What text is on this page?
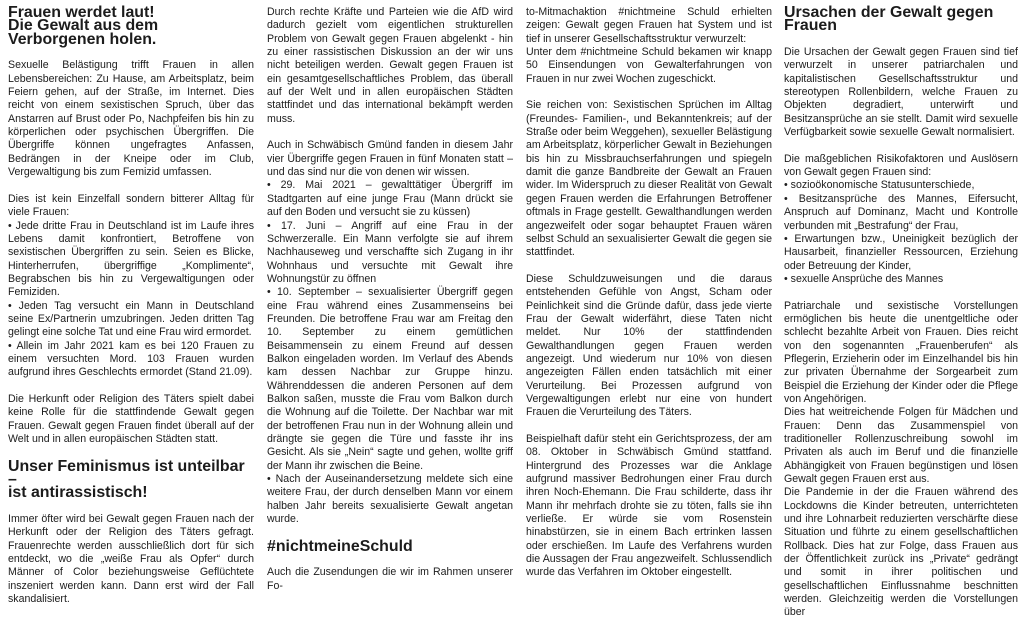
Frauen werdet laut!
Die Gewalt aus dem Verborgenen holen.

Sexuelle Belästigung trifft Frauen in allen Lebensbereichen: Zu Hause, am Arbeitsplatz, beim Feiern gehen, auf der Straße, im Internet. Dies reicht von einem sexistischen Spruch, über das Anstarren auf Brust oder Po, Nachpfeifen bis hin zu körperlichen oder psychischen Übergriffen. Die Übergriffe können ungefragtes Anfassen, Bedrängen in der Kneipe oder im Club, Vergewaltigung bis zum Femizid umfassen.

Dies ist kein Einzelfall sondern bitterer Alltag für viele Frauen:
• Jede dritte Frau in Deutschland ist im Laufe ihres Lebens damit konfrontiert, Betroffene von sexistischen Übergriffen zu sein. Seien es Blicke, Hinterherrufen, übergriffige „Komplimente“, Begrabschen bis hin zu Vergewaltigungen oder Femiziden.
• Jeden Tag versucht ein Mann in Deutschland seine Ex/Partnerin umzubringen. Jeden dritten Tag gelingt eine solche Tat und eine Frau wird ermordet.
• Allein im Jahr 2021 kam es bei 120 Frauen zu einem versuchten Mord. 103 Frauen wurden aufgrund ihres Geschlechts ermordet (Stand 21.09).

Die Herkunft oder Religion des Täters spielt dabei keine Rolle für die stattfindende Gewalt gegen Frauen. Gewalt gegen Frauen findet überall auf der Welt und in allen europäischen Städten statt.

Unser Feminismus ist unteilbar –
ist antirassistisch!

Immer öfter wird bei Gewalt gegen Frauen nach der Herkunft oder der Religion des Täters gefragt. Frauenrechte werden ausschließlich dort für sich entdeckt, wo die „weiße Frau als Opfer“ durch Männer of Color beziehungsweise Geflüchtete inszeniert werden kann. Dann erst wird der Fall skandalisiert.

Durch rechte Kräfte und Parteien wie die AfD wird dadurch gezielt vom eigentlichen strukturellen Problem von Gewalt gegen Frauen abgelenkt - hin zu einer rassistischen Diskussion an der wir uns nicht beteiligen werden. Gewalt gegen Frauen ist ein gesamtgesellschaftliches Problem, das überall auf der Welt und in allen europäischen Städten stattfindet und das international bekämpft werden muss.

Auch in Schwäbisch Gmünd fanden in diesem Jahr vier Übergriffe gegen Frauen in fünf Monaten statt – und das sind nur die von denen wir wissen.
• 29. Mai 2021 – gewalttätiger Übergriff im Stadtgarten auf eine junge Frau (Mann drückt sie auf den Boden und versucht sie zu küssen)
• 17. Juni – Angriff auf eine Frau in der Schwerzeralle. Ein Mann verfolgte sie auf ihrem Nachhauseweg und verschaffte sich Zugang in ihr Wohnhaus und versuchte mit Gewalt ihre Wohnungstür zu öffnen
• 10. September – sexualisierter Übergriff gegen eine Frau während eines Zusammenseins bei Freunden. Die betroffene Frau war am Freitag den 10. September zu einem gemütlichen Beisammensein zu einem Freund auf dessen Balkon eingeladen worden. Im Verlauf des Abends kam dessen Nachbar zur Gruppe hinzu. Währenddessen die anderen Personen auf dem Balkon saßen, musste die Frau vom Balkon durch die Wohnung auf die Toilette. Der Nachbar war mit der betroffenen Frau nun in der Wohnung allein und drängte sie gegen die Türe und fasste ihr ins Gesicht. Als sie „Nein“ sagte und gehen, wollte griff der Mann ihr zwischen die Beine.
• Nach der Auseinandersetzung meldete sich eine weitere Frau, der durch denselben Mann vor einem halben Jahr bereits sexualisierte Gewalt angetan wurde.

#nichtmeineSchuld

Auch die Zusendungen die wir im Rahmen unserer Fo-

to-Mitmachaktion #nichtmeine Schuld erhielten zeigen: Gewalt gegen Frauen hat System und ist tief in unserer Gesellschaftsstruktur verwurzelt:
Unter dem #nichtmeine Schuld bekamen wir knapp 50 Einsendungen von Gewalterfahrungen von Frauen in nur zwei Wochen zugeschickt.

Sie reichen von: Sexistischen Sprüchen im Alltag (Freundes- Familien-, und Bekanntenkreis; auf der Straße oder beim Weggehen), sexueller Belästigung am Arbeitsplatz, körperlicher Gewalt in Beziehungen bis hin zu Missbrauchserfahrungen und spiegeln damit die ganze Bandbreite der Gewalt an Frauen wider. Im Widerspruch zu dieser Realität von Gewalt gegen Frauen werden die Erfahrungen Betroffener oftmals in Frage gestellt. Gewalthandlungen werden angezweifelt oder sogar behauptet Frauen wären selbst Schuld an sexualisierter Gewalt die gegen sie stattfindet.

Diese Schuldzuweisungen und die daraus entstehenden Gefühle von Angst, Scham oder Peinlichkeit sind die Gründe dafür, dass jede vierte Frau der Gewalt widerfährt, diese Taten nicht meldet. Nur 10% der stattfindenden Gewalthandlungen gegen Frauen werden angezeigt. Und wiederum nur 10% von diesen angezeigten Fällen enden tatsächlich mit einer Verurteilung. Bei Prozessen aufgrund von Vergewaltigungen erlebt nur eine von hundert Frauen die Verurteilung des Täters.

Beispielhaft dafür steht ein Gerichtsprozess, der am 08. Oktober in Schwäbisch Gmünd stattfand. Hintergrund des Prozesses war die Anklage aufgrund massiver Bedrohungen einer Frau durch ihren Noch-Ehemann. Die Frau schilderte, dass ihr Mann ihr mehrfach drohte sie zu töten, falls sie ihn verließe. Er würde sie vom Rosenstein hinabstürzen, sie in einem Bach ertrinken lassen oder erschießen. Im Laufe des Verfahrens wurden die Aussagen der Frau angezweifelt. Schlussendlich wurde das Verfahren im Oktober eingestellt.

Ursachen der Gewalt gegen Frauen

Die Ursachen der Gewalt gegen Frauen sind tief verwurzelt in unserer patriarchalen und kapitalistischen Gesellschaftsstruktur und stereotypen Rollenbildern, welche Frauen zu Objekten degradiert, unterwirft und Besitzansprüche an sie stellt. Damit wird sexuelle Verfügbarkeit sowie sexuelle Gewalt normalisiert.

Die maßgeblichen Risikofaktoren und Auslösern von Gewalt gegen Frauen sind:
• sozioökonomische Statusunterschiede,
• Besitzansprüche des Mannes, Eifersucht, Anspruch auf Dominanz, Macht und Kontrolle verbunden mit „Bestrafung“ der Frau,
• Erwartungen bzw., Uneinigkeit bezüglich der Hausarbeit, finanzieller Ressourcen, Erziehung oder Betreuung der Kinder,
• sexuelle Ansprüche des Mannes

Patriarchale und sexistische Vorstellungen ermöglichen bis heute die unentgeltliche oder schlecht bezahlte Arbeit von Frauen. Dies reicht von den sogenannten „Frauenberufen“ als Pflegerin, Erzieherin oder im Einzelhandel bis hin zur privaten Übernahme der Sorgearbeit zum Beispiel die Erziehung der Kinder oder die Pflege von Angehörigen.
Dies hat weitreichende Folgen für Mädchen und Frauen: Denn das Zusammenspiel von traditioneller Rollenzuschreibung sowohl im Privaten als auch im Beruf und die finanzielle Abhängigkeit von Frauen begünstigen und lösen Gewalt gegen Frauen erst aus.
Die Pandemie in der die Frauen während des Lockdowns die Kinder betreuten, unterrichteten und ihre Lohnarbeit reduzierten verschärfte diese Situation und führte zu einem gesellschaftlichen Rollback. Dies hat zur Folge, dass Frauen aus der Öffentlichkeit zurück ins „Private“ gedrängt und somit in ihrer politischen und gesellschaftlichen Einflussnahme beschnitten werden. Gleichzeitig werden die Vorstellungen über
